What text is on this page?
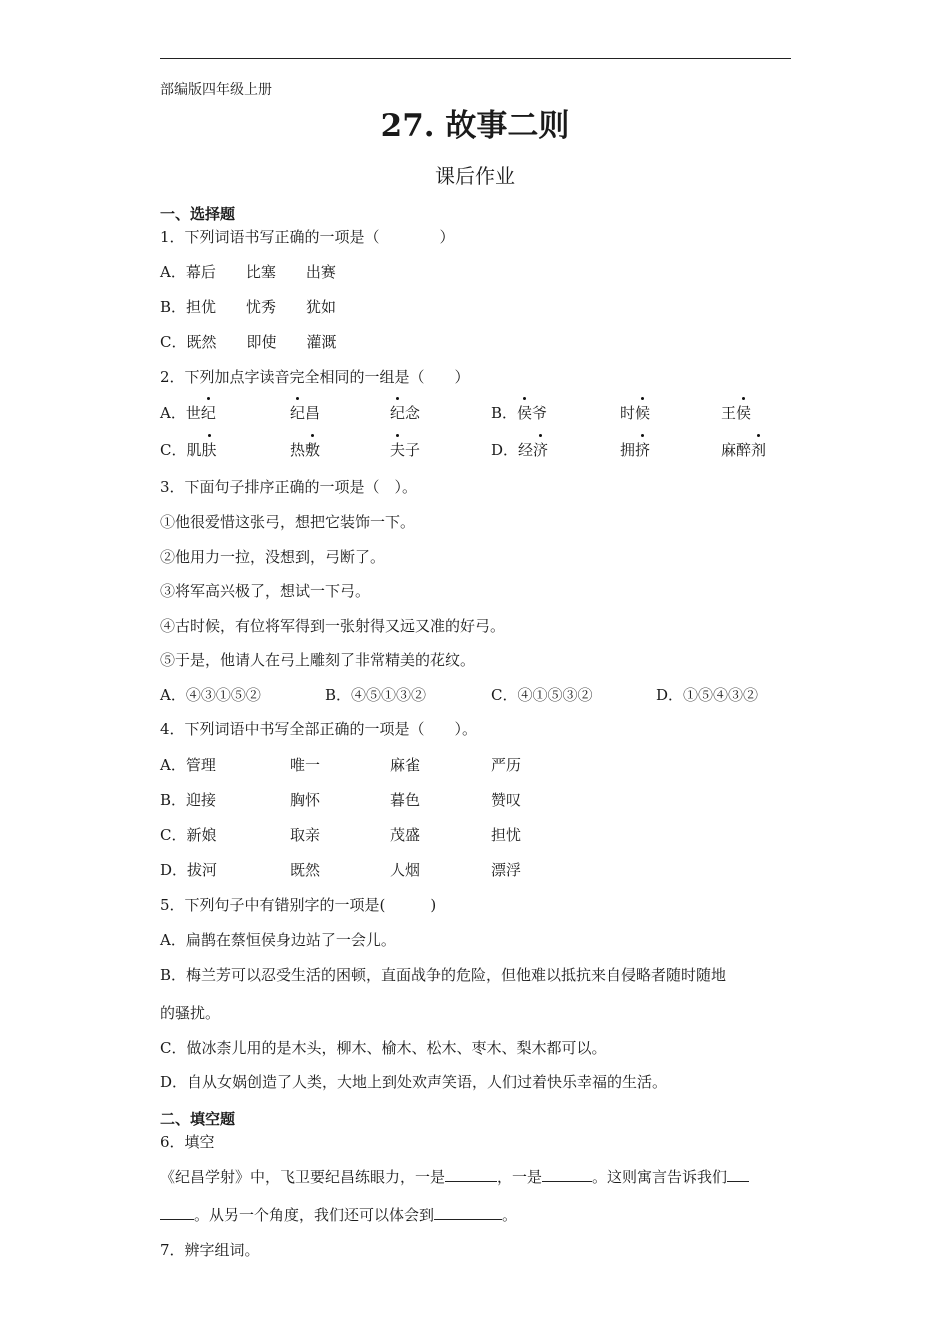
部编版四年级上册
27. 故事二则
课后作业
一、选择题
1．下列词语书写正确的一项是（　　　　）
A．幕后　　比塞　　出赛
B．担优　　忧秀　　犹如
C．既然　　即使　　灌溉
2．下列加点字读音完全相同的一组是（　　）
A．世纪	纪昌	纪念	B．侯爷	时候	王侯
C．肌肤	热敷	夫子	D．经济	拥挤	麻醉剂
3．下面句子排序正确的一项是（　）。
①他很爱惜这张弓，想把它装饰一下。
②他用力一拉，没想到，弓断了。
③将军高兴极了，想试一下弓。
④古时候，有位将军得到一张射得又远又准的好弓。
⑤于是，他请人在弓上雕刻了非常精美的花纹。
A．④③①⑤②	B．④⑤①③②	C．④①⑤③②	D．①⑤④③②
4．下列词语中书写全部正确的一项是（　　）。
A．管理	唯一	麻雀	严历
B．迎接	胸怀	暮色	赞叹
C．新娘	取亲	茂盛	担忧
D．拔河	既然	人烟	漂浮
5．下列句子中有错别字的一项是(　　　)
A．扁鹊在蔡恒侯身边站了一会儿。
B．梅兰芳可以忍受生活的困顿，直面战争的危险，但他难以抵抗来自侵略者随时随地
的骚扰。
C．做冰柰儿用的是木头，柳木、榆木、松木、枣木、梨木都可以。
D．自从女娲创造了人类，大地上到处欢声笑语，人们过着快乐幸福的生活。
二、填空题
6．填空
《纪昌学射》中，飞卫要纪昌练眼力，一是	，一是	。这则寓言告诉我们
。从另一个角度，我们还可以体会到	。
7．辨字组词。
